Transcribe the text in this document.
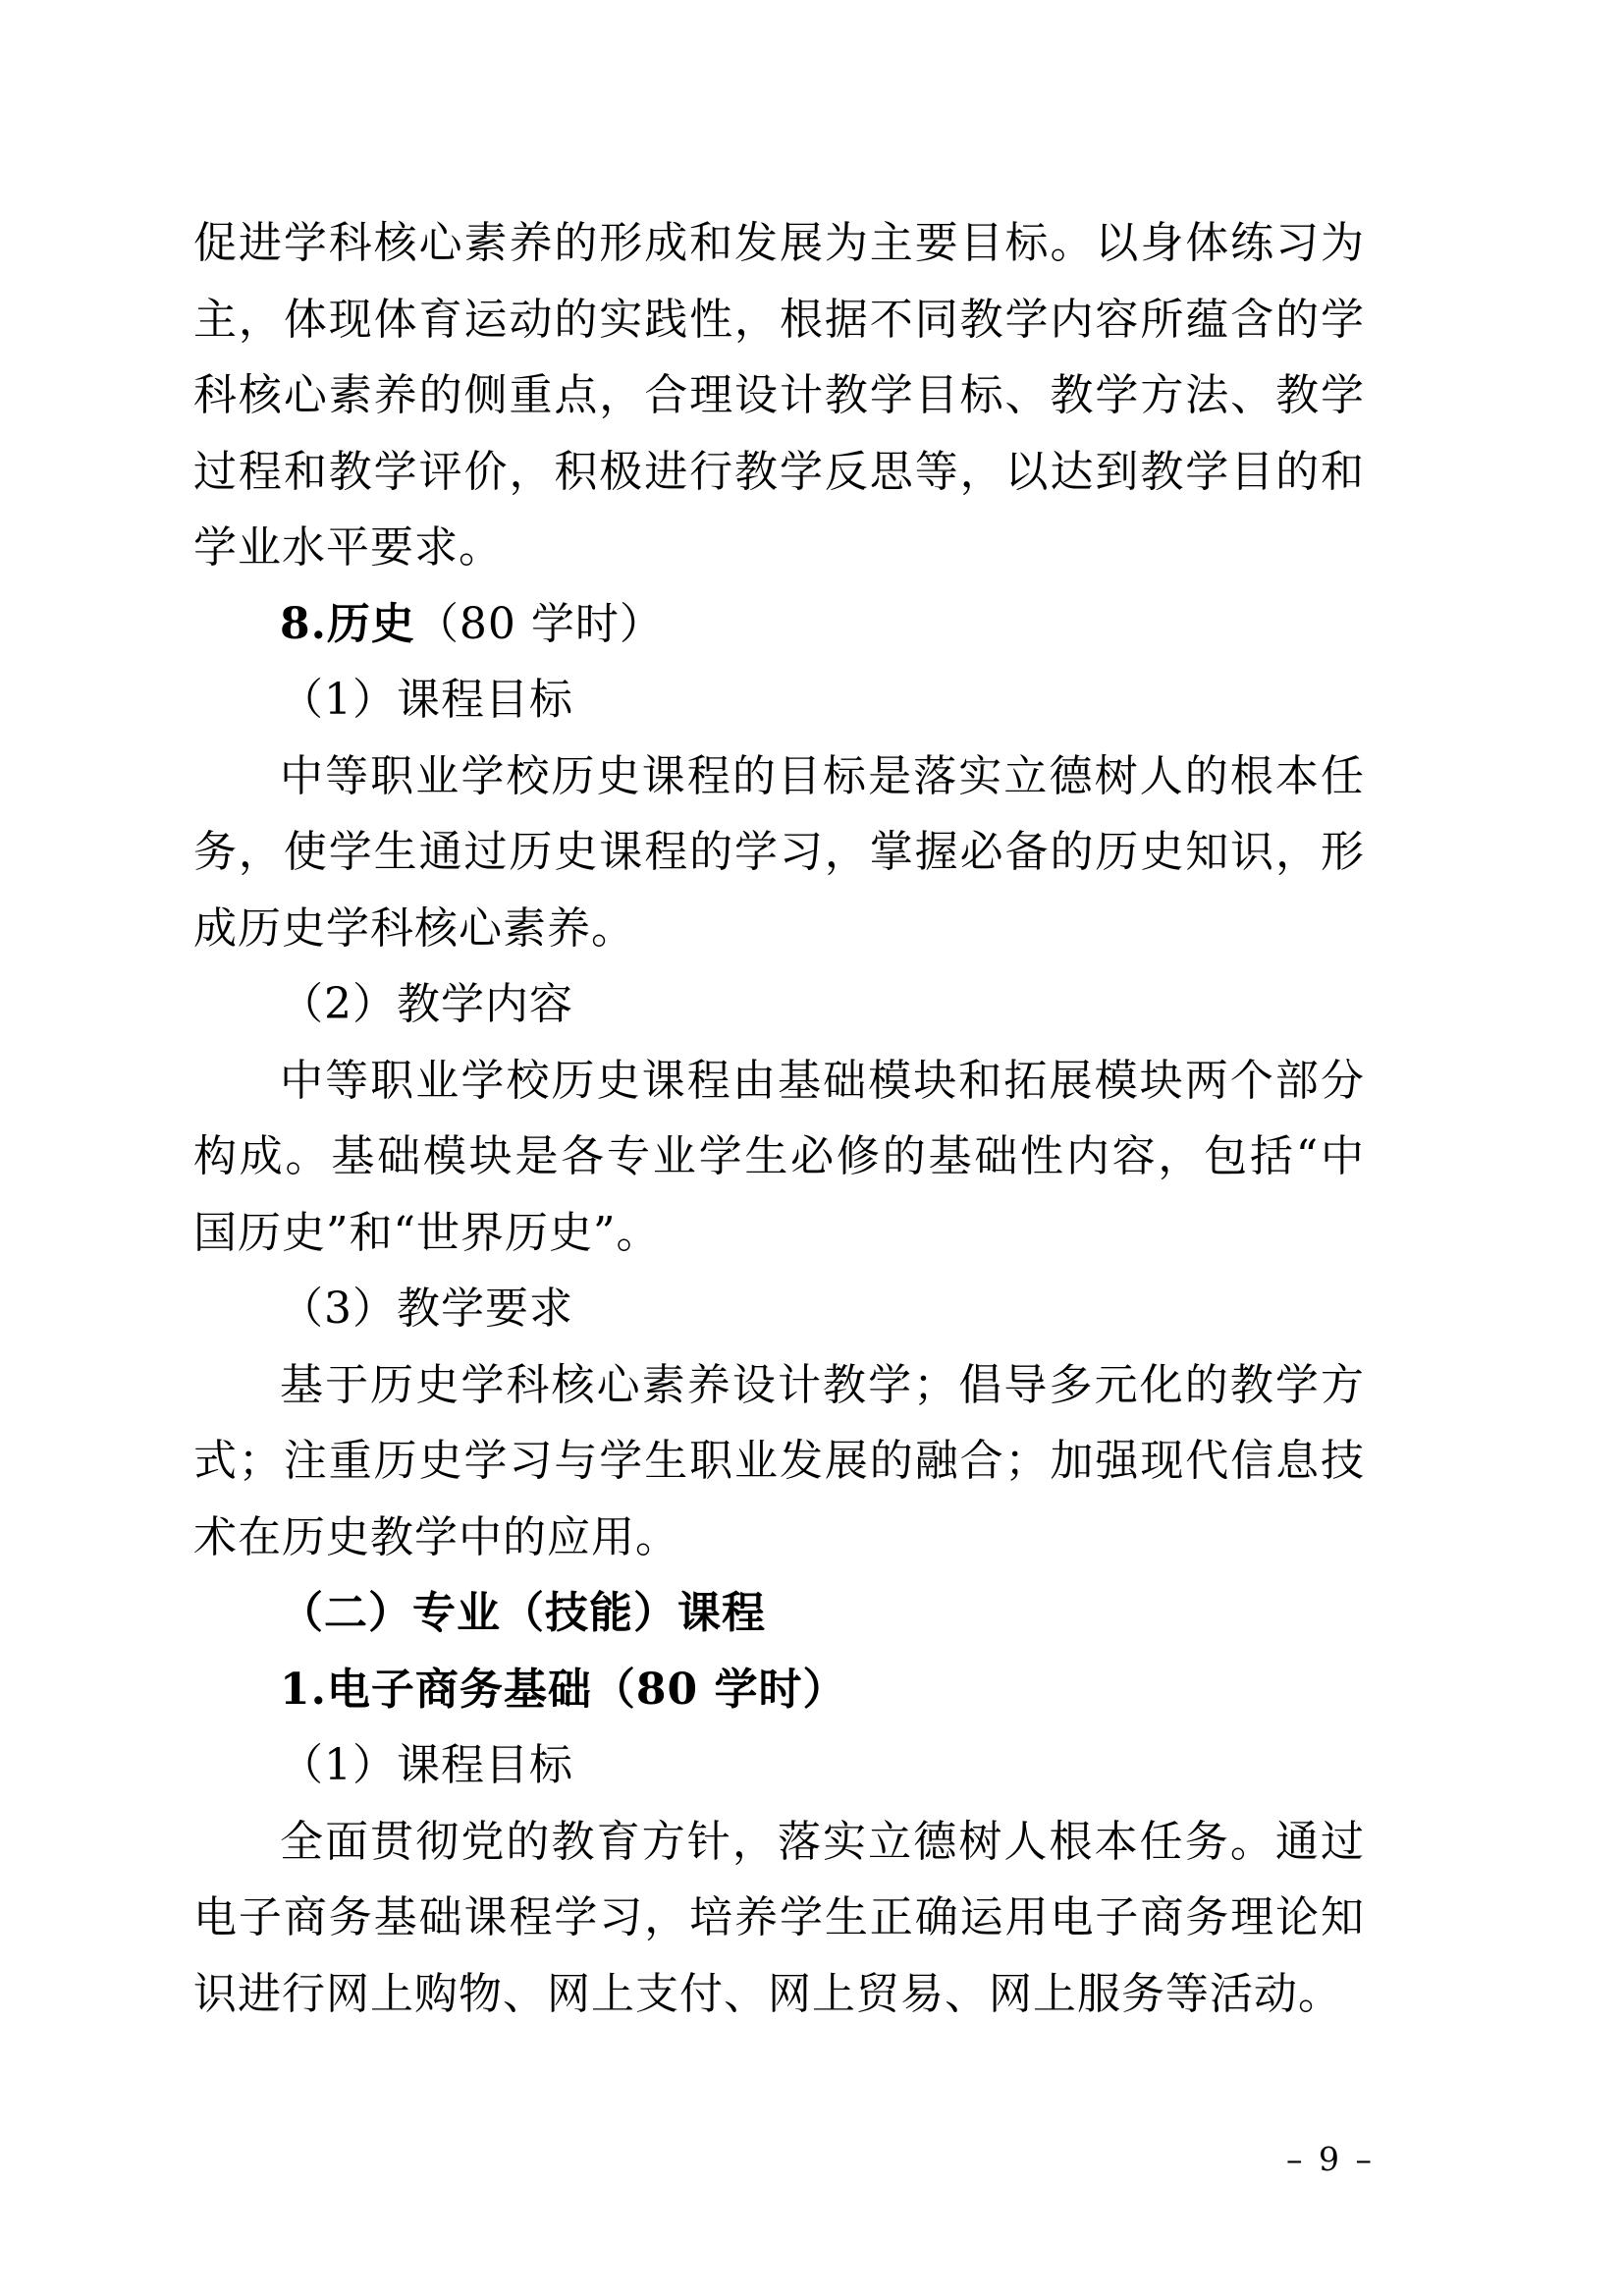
促进学科核心素养的形成和发展为主要目标。以身体练习为
主，体现体育运动的实践性，根据不同教学内容所蕴含的学
科核心素养的侧重点，合理设计教学目标、教学方法、教学
过程和教学评价，积极进行教学反思等，以达到教学目的和
学业水平要求。
8.历史（80 学时）
（1）课程目标
中等职业学校历史课程的目标是落实立德树人的根本任
务，使学生通过历史课程的学习，掌握必备的历史知识，形
成历史学科核心素养。
（2）教学内容
中等职业学校历史课程由基础模块和拓展模块两个部分
构成。基础模块是各专业学生必修的基础性内容，包括“中
国历史”和“世界历史”。
（3）教学要求
基于历史学科核心素养设计教学；倡导多元化的教学方
式；注重历史学习与学生职业发展的融合；加强现代信息技
术在历史教学中的应用。
（二）专业（技能）课程
1.电子商务基础（80 学时）
（1）课程目标
全面贯彻党的教育方针，落实立德树人根本任务。通过
电子商务基础课程学习，培养学生正确运用电子商务理论知
识进行网上购物、网上支付、网上贸易、网上服务等活动。
– 9 –
